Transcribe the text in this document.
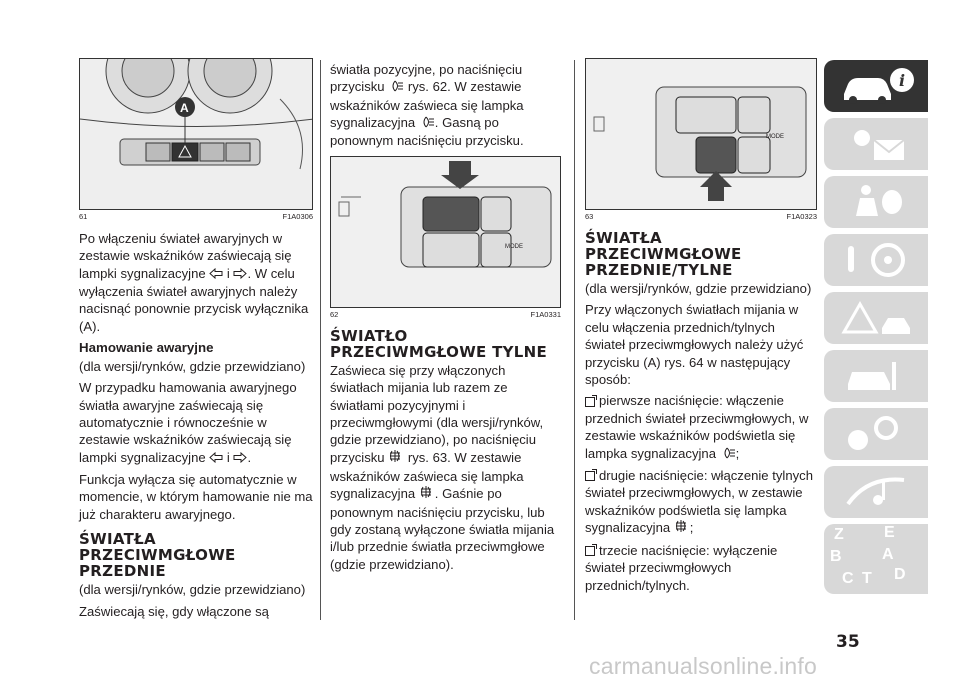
A
61	F1A0306

Po włączeniu świateł awaryjnych w zestawie wskaźników zaświecają się lampki sygnalizacyjne  i . W celu wyłączenia świateł awaryjnych należy nacisnąć ponownie przycisk wyłącznika (A).

Hamowanie awaryjne

(dla wersji/rynków, gdzie przewidziano)

W przypadku hamowania awaryjnego światła awaryjne zaświecają się automatycznie i równocześnie w zestawie wskaźników zaświecają się lampki sygnalizacyjne  i .

Funkcja wyłącza się automatycznie w momencie, w którym hamowanie nie ma już charakteru awaryjnego.

ŚWIATŁA PRZECIWMGŁOWE PRZEDNIE

(dla wersji/rynków, gdzie przewidziano)

Zaświecają się, gdy włączone są

światła pozycyjne, po naciśnięciu przycisku  rys. 62. W zestawie wskaźników zaświeca się lampka sygnalizacyjna . Gasną po ponownym naciśnięciu przycisku.

MODE
62	F1A0331
ŚWIATŁO PRZECIWMGŁOWE TYLNE

Zaświeca się przy włączonych światłach mijania lub razem ze światłami pozycyjnymi i przeciwmgłowymi (dla wersji/rynków, gdzie przewidziano), po naciśnięciu przycisku  rys. 63. W zestawie wskaźników zaświeca się lampka sygnalizacyjna . Gaśnie po ponownym naciśnięciu przycisku, lub gdy zostaną wyłączone światła mijania i/lub przednie światła przeciwmgłowe (gdzie przewidziano).

MODE
63	F1A0323
ŚWIATŁA PRZECIWMGŁOWE PRZEDNIE/TYLNE

(dla wersji/rynków, gdzie przewidziano)

Przy włączonych światłach mijania w celu włączenia przednich/tylnych świateł przeciwmgłowych należy użyć przycisku (A) rys. 64 w następujący sposób:

pierwsze naciśnięcie: włączenie przednich świateł przeciwmgłowych, w zestawie wskaźników podświetla się lampka sygnalizacyjna ;

drugie naciśnięcie: włączenie tylnych świateł przeciwmgłowych, w zestawie wskaźników podświetla się lampka sygnalizacyjna ;

trzecie naciśnięcie: wyłączenie świateł przeciwmgłowych przednich/tylnych.

i
Z	E
B	A
C T D
35
carmanualsonline.info
